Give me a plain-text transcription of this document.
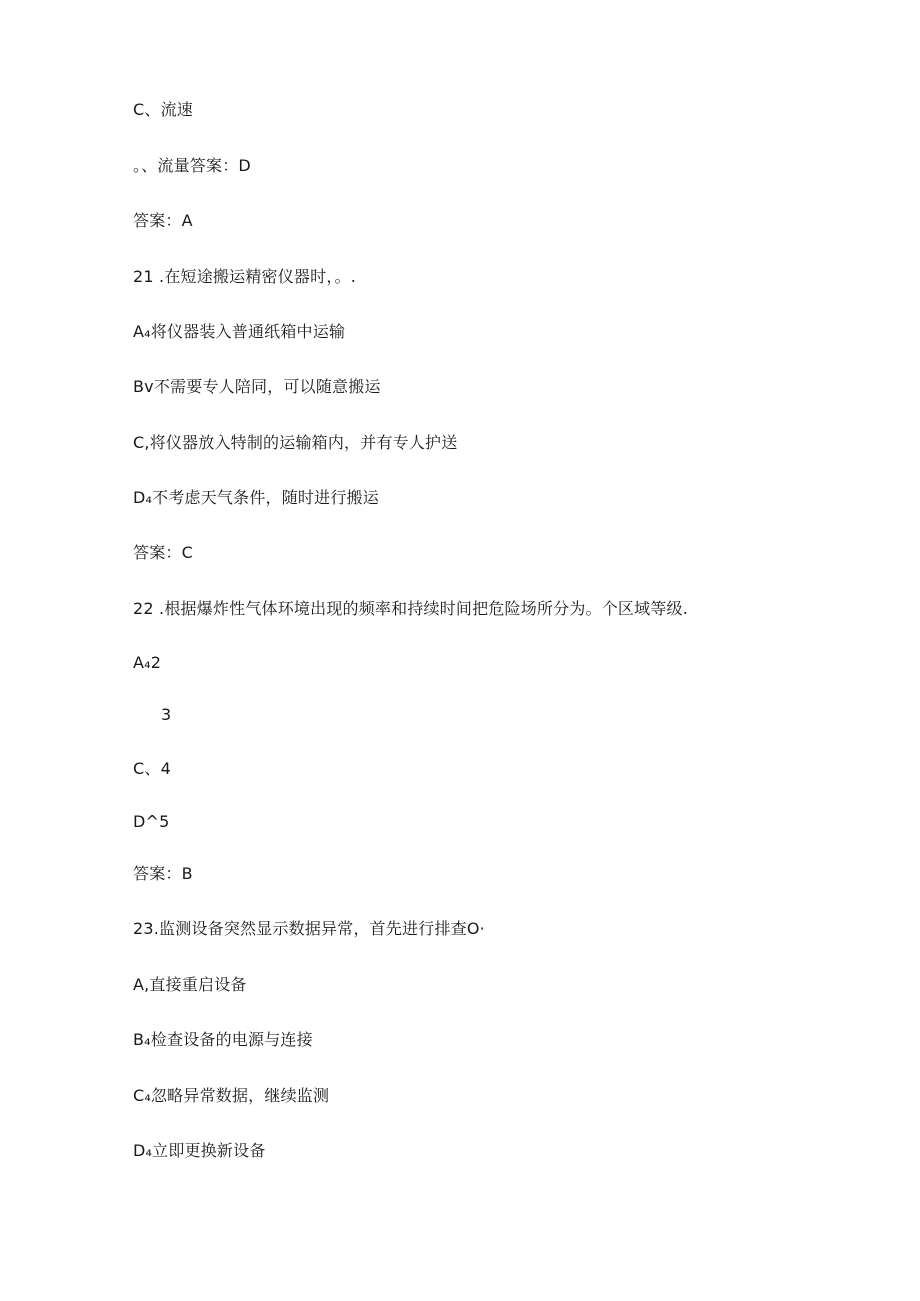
C、流速
。、流量答案：D
答案：A
21 .在短途搬运精密仪器时，。.
A₄将仪器装入普通纸箱中运输
Bv不需要专人陪同，可以随意搬运
C,将仪器放入特制的运输箱内，并有专人护送
D₄不考虑天气条件，随时进行搬运
答案：C
22 .根据爆炸性气体环境出现的频率和持续时间把危险场所分为。个区域等级.
A₄2
3
C、4
D^5
答案：B
23.监测设备突然显示数据异常，首先进行排查O·
A,直接重启设备
B₄检查设备的电源与连接
C₄忽略异常数据，继续监测
D₄立即更换新设备
